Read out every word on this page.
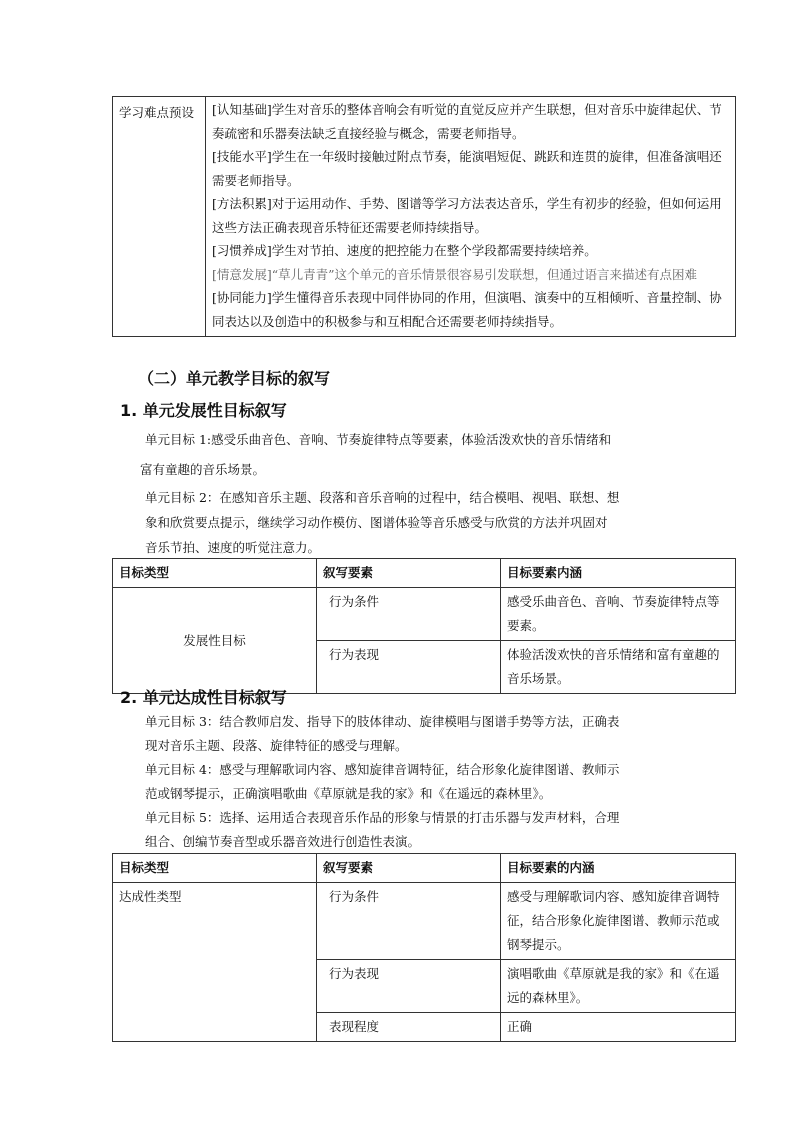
学习难点预设	[认知基础]学生对音乐的整体音响会有听觉的直觉反应并产生联想，但对音乐中旋律起伏、节奏疏密和乐器奏法缺乏直接经验与概念，需要老师指导。
[技能水平]学生在一年级时接触过附点节奏，能演唱短促、跳跃和连贯的旋律，但准备演唱还需要老师指导。
[方法积累]对于运用动作、手势、图谱等学习方法表达音乐，学生有初步的经验，但如何运用这些方法正确表现音乐特征还需要老师持续指导。
[习惯养成]学生对节拍、速度的把控能力在整个学段都需要持续培养。
[情意发展]“草儿青青”这个单元的音乐情景很容易引发联想，但通过语言来描述有点困难
[协同能力]学生懂得音乐表现中同伴协同的作用，但演唱、演奏中的互相倾听、音量控制、协同表达以及创造中的积极参与和互相配合还需要老师持续指导。
（二）单元教学目标的叙写
1. 单元发展性目标叙写
单元目标 1:感受乐曲音色、音响、节奏旋律特点等要素，体验活泼欢快的音乐情绪和
富有童趣的音乐场景。
单元目标 2：在感知音乐主题、段落和音乐音响的过程中，结合模唱、视唱、联想、想
象和欣赏要点提示，继续学习动作模仿、图谱体验等音乐感受与欣赏的方法并巩固对
音乐节拍、速度的听觉注意力。
目标类型	叙写要素	目标要素内涵
发展性目标	行为条件	感受乐曲音色、音响、节奏旋律特点等要素。
	行为表现	体验活泼欢快的音乐情绪和富有童趣的音乐场景。
2. 单元达成性目标叙写
单元目标 3：结合教师启发、指导下的肢体律动、旋律模唱与图谱手势等方法，正确表
现对音乐主题、段落、旋律特征的感受与理解。
单元目标 4：感受与理解歌词内容、感知旋律音调特征，结合形象化旋律图谱、教师示
范或钢琴提示，正确演唱歌曲《草原就是我的家》和《在遥远的森林里》。
单元目标 5：选择、运用适合表现音乐作品的形象与情景的打击乐器与发声材料，合理
组合、创编节奏音型或乐器音效进行创造性表演。
目标类型	叙写要素	目标要素的内涵
达成性类型	行为条件	感受与理解歌词内容、感知旋律音调特征，结合形象化旋律图谱、教师示范或钢琴提示。
	行为表现	演唱歌曲《草原就是我的家》和《在遥远的森林里》。
	表现程度	正确
